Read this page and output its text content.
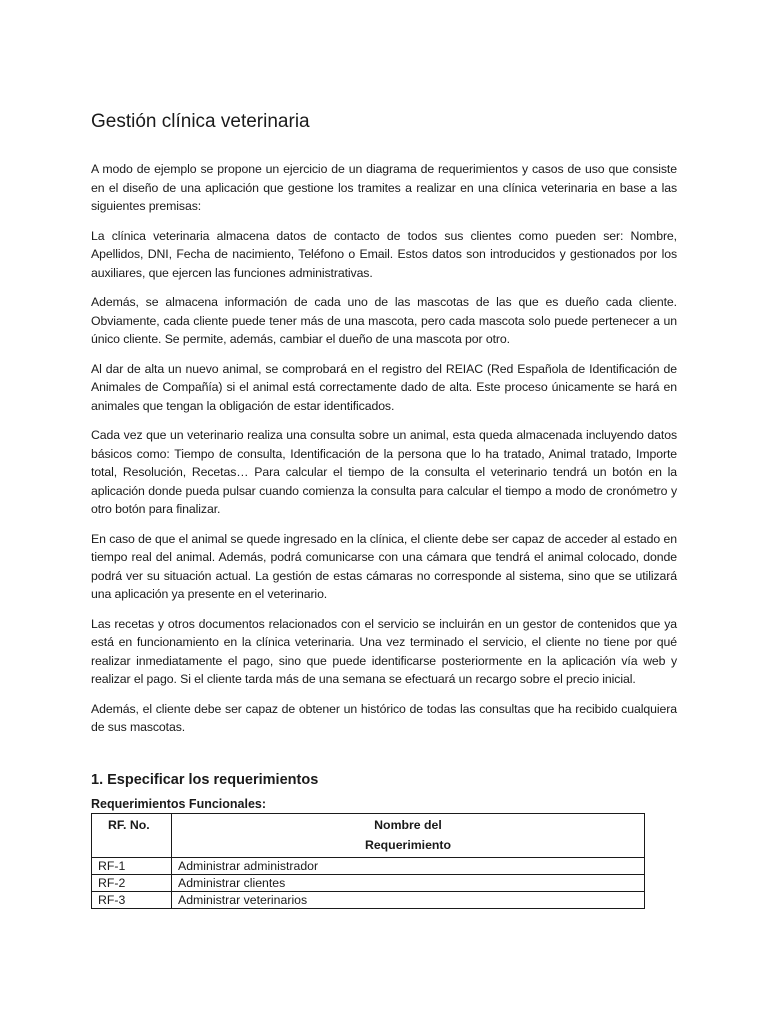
Gestión clínica veterinaria

A modo de ejemplo se propone un ejercicio de un diagrama de requerimientos y casos de uso que consiste en el diseño de una aplicación que gestione los tramites a realizar en una clínica veterinaria en base a las siguientes premisas:

La clínica veterinaria almacena datos de contacto de todos sus clientes como pueden ser: Nombre, Apellidos, DNI, Fecha de nacimiento, Teléfono o Email. Estos datos son introducidos y gestionados por los auxiliares, que ejercen las funciones administrativas.

Además, se almacena información de cada uno de las mascotas de las que es dueño cada cliente. Obviamente, cada cliente puede tener más de una mascota, pero cada mascota solo puede pertenecer a un único cliente. Se permite, además, cambiar el dueño de una mascota por otro.

Al dar de alta un nuevo animal, se comprobará en el registro del REIAC (Red Española de Identificación de Animales de Compañía) si el animal está correctamente dado de alta. Este proceso únicamente se hará en animales que tengan la obligación de estar identificados.

Cada vez que un veterinario realiza una consulta sobre un animal, esta queda almacenada incluyendo datos básicos como: Tiempo de consulta, Identificación de la persona que lo ha tratado, Animal tratado, Importe total, Resolución, Recetas… Para calcular el tiempo de la consulta el veterinario tendrá un botón en la aplicación donde pueda pulsar cuando comienza la consulta para calcular el tiempo a modo de cronómetro y otro botón para finalizar.

En caso de que el animal se quede ingresado en la clínica, el cliente debe ser capaz de acceder al estado en tiempo real del animal. Además, podrá comunicarse con una cámara que tendrá el animal colocado, donde podrá ver su situación actual. La gestión de estas cámaras no corresponde al sistema, sino que se utilizará una aplicación ya presente en el veterinario.

Las recetas y otros documentos relacionados con el servicio se incluirán en un gestor de contenidos que ya está en funcionamiento en la clínica veterinaria. Una vez terminado el servicio, el cliente no tiene por qué realizar inmediatamente el pago, sino que puede identificarse posteriormente en la aplicación vía web y realizar el pago. Si el cliente tarda más de una semana se efectuará un recargo sobre el precio inicial.

Además, el cliente debe ser capaz de obtener un histórico de todas las consultas que ha recibido cualquiera de sus mascotas.

1. Especificar los requerimientos
Requerimientos Funcionales:
RF. No.	Nombre del
Requerimiento

RF-1	Administrar administrador
RF-2	Administrar clientes
RF-3	Administrar veterinarios
